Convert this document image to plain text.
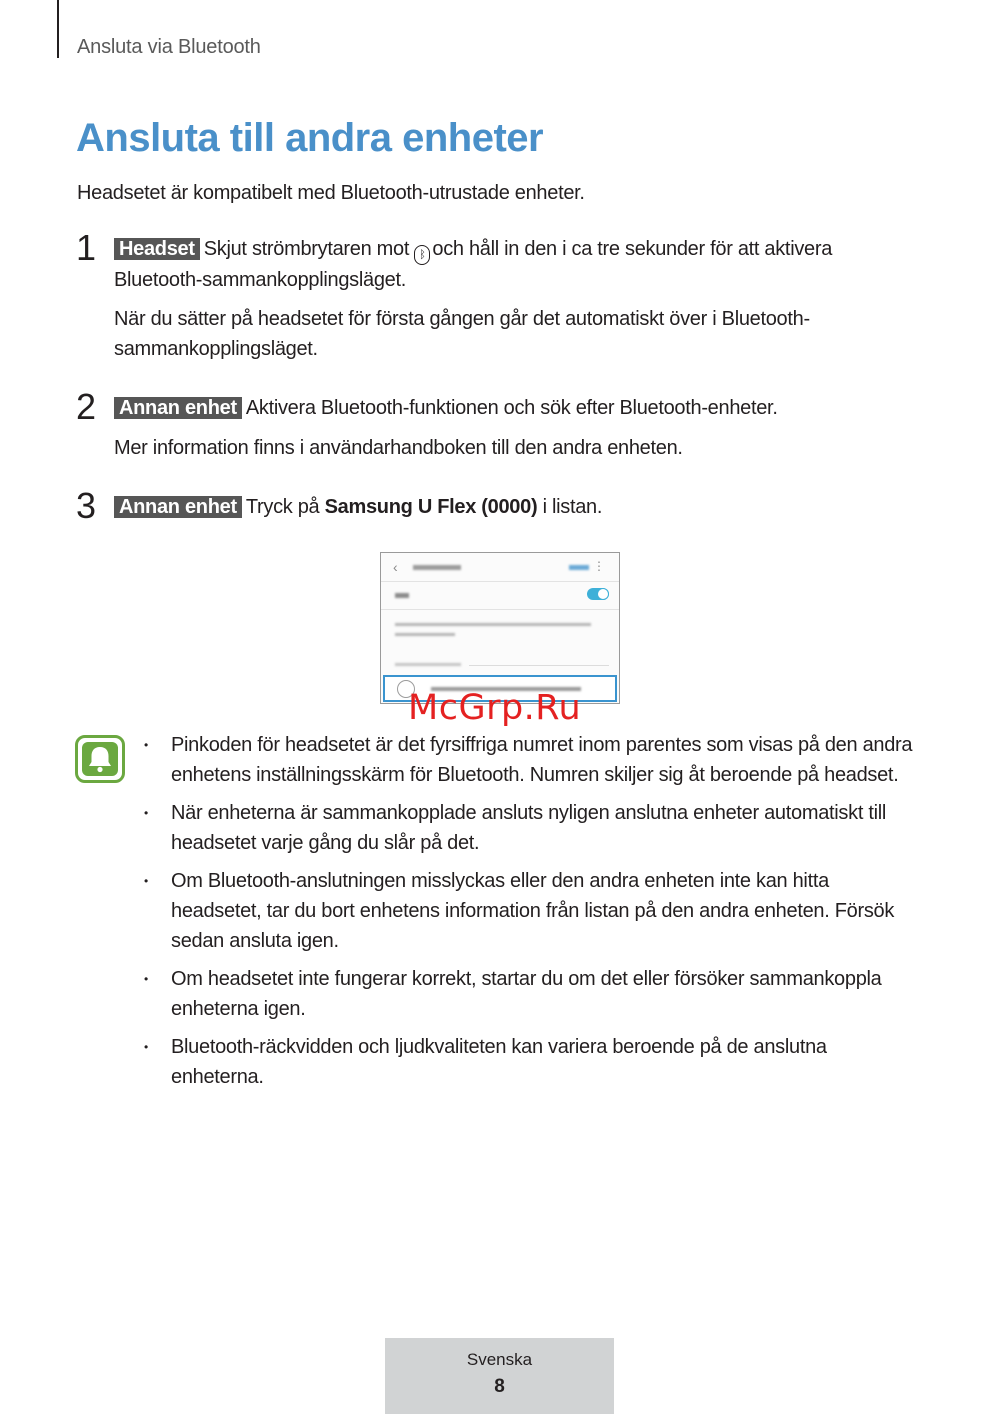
Ansluta via Bluetooth
Ansluta till andra enheter
Headsetet är kompatibelt med Bluetooth-utrustade enheter.
1 Headset Skjut strömbrytaren mot ᛒ och håll in den i ca tre sekunder för att aktivera Bluetooth-sammankopplingsläget.
När du sätter på headsetet för första gången går det automatiskt över i Bluetooth-sammankopplingsläget.
2 Annan enhet Aktivera Bluetooth-funktionen och sök efter Bluetooth-enheter.
Mer information finns i användarhandboken till den andra enheten.
3 Annan enhet Tryck på Samsung U Flex (0000) i listan.
‹	⋮
McGrp.Ru
• Pinkoden för headsetet är det fyrsiffriga numret inom parentes som visas på den andra enhetens inställningsskärm för Bluetooth. Numren skiljer sig åt beroende på headset.
• När enheterna är sammankopplade ansluts nyligen anslutna enheter automatiskt till headsetet varje gång du slår på det.
• Om Bluetooth-anslutningen misslyckas eller den andra enheten inte kan hitta headsetet, tar du bort enhetens information från listan på den andra enheten. Försök sedan ansluta igen.
• Om headsetet inte fungerar korrekt, startar du om det eller försöker sammankoppla enheterna igen.
• Bluetooth-räckvidden och ljudkvaliteten kan variera beroende på de anslutna enheterna.
Svenska
8
